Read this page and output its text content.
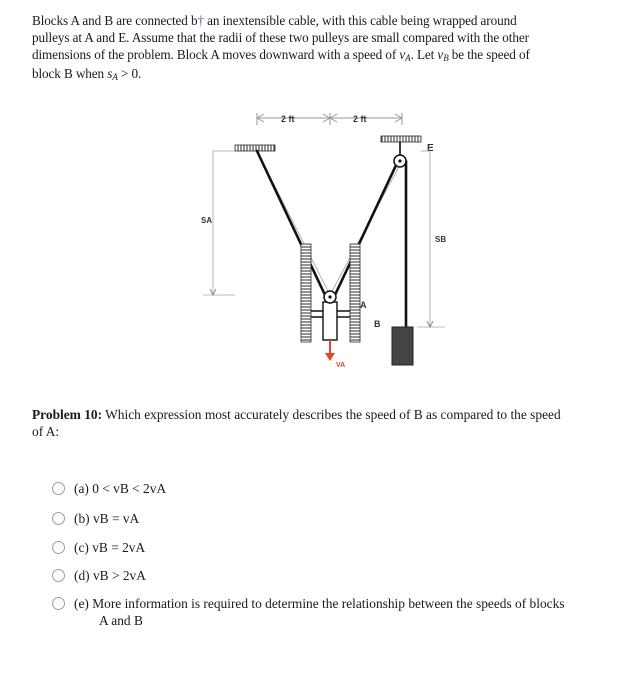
Blocks A and B are connected b† an inextensible cable, with this cable being wrapped around
pulleys at A and E. Assume that the radii of these two pulleys are small compared with the other
dimensions of the problem. Block A moves downward with a speed of $v_A$. Let $v_B$ be the speed of
block B when $s_A > 0$.
2 ft	2 ft
E
SA
SB
A
VA
B
Problem 10: Which expression most accurately describes the speed of B as compared to the speed
of A:
(a) 0 < vB < 2vA
(b) vB = vA
(c) vB = 2vA
(d) vB > 2vA
(e) More information is required to determine the relationship between the speeds of blocks
A and B
